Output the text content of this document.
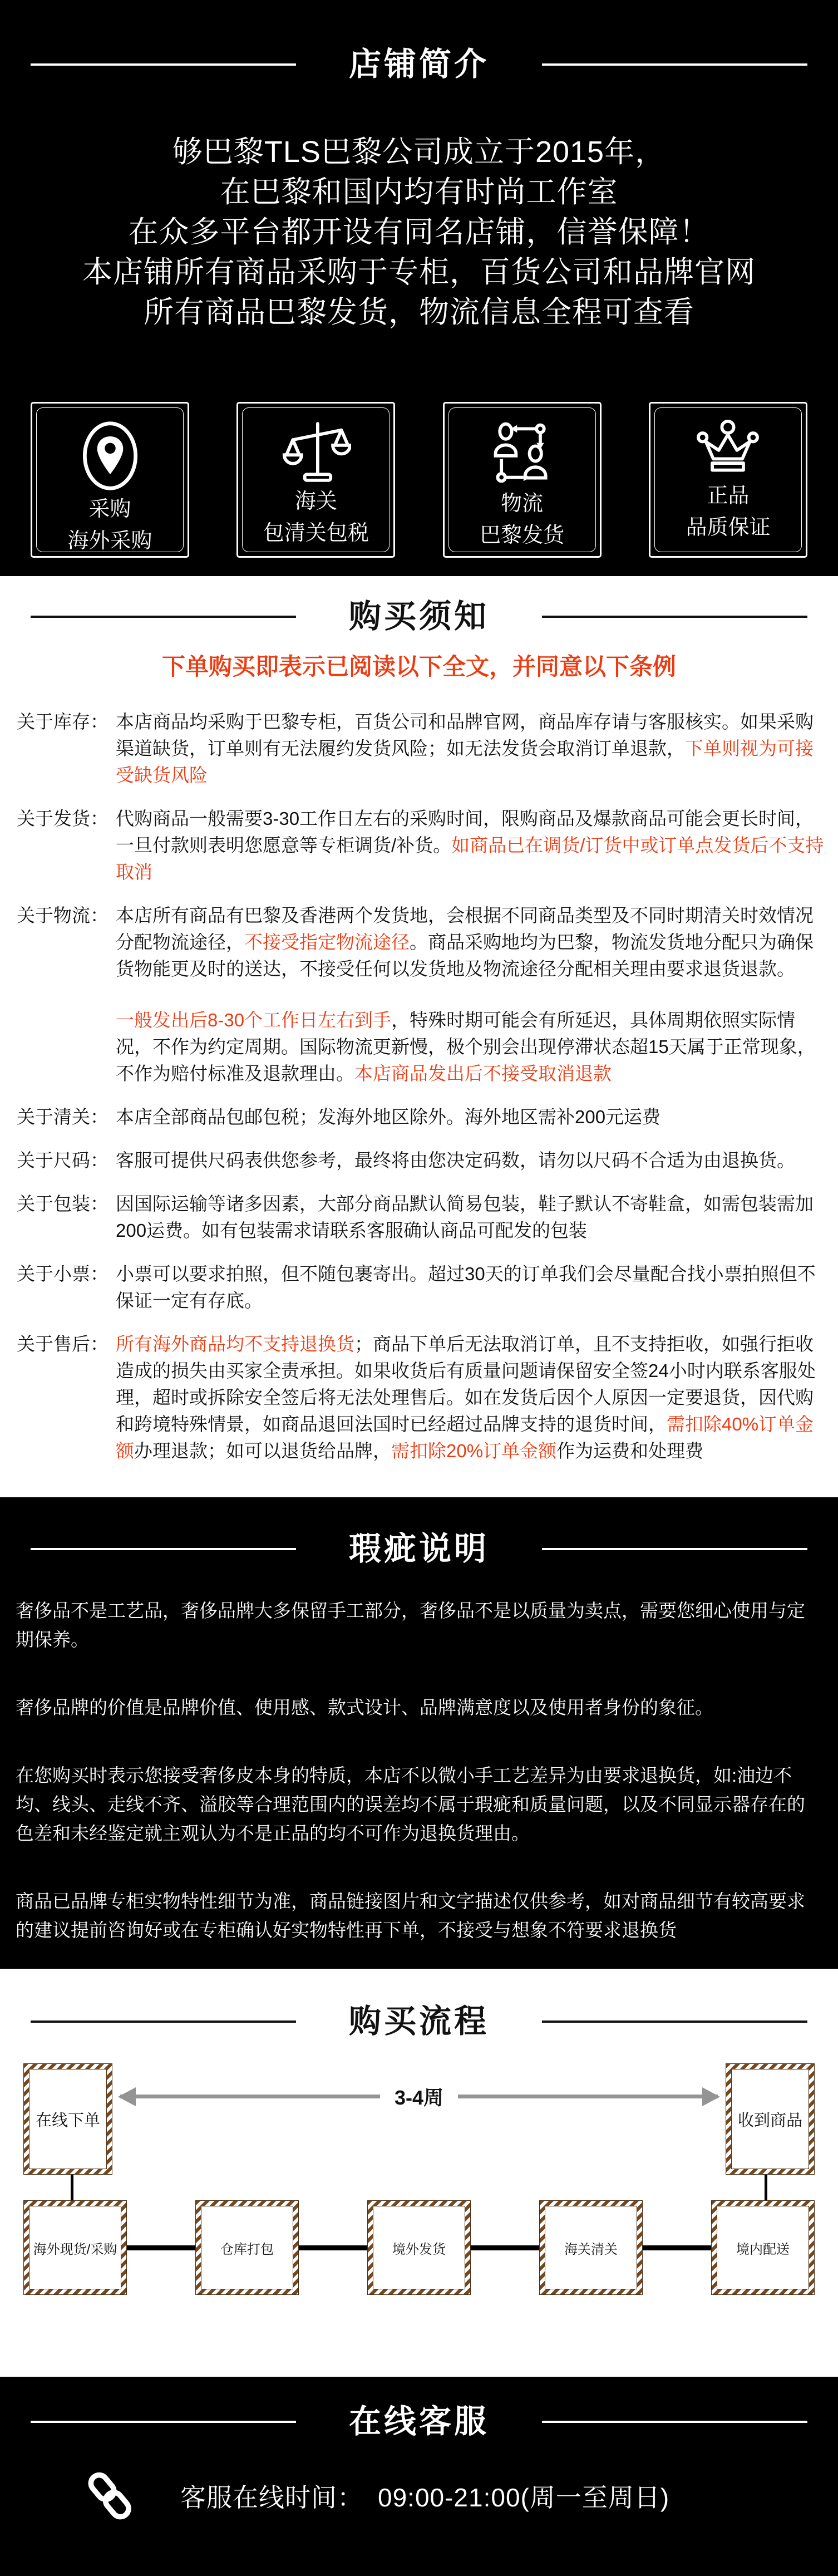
店铺简介
够巴黎TLS巴黎公司成立于2015年，
在巴黎和国内均有时尚工作室
在众多平台都开设有同名店铺，信誉保障！
本店铺所有商品采购于专柜，百货公司和品牌官网
所有商品巴黎发货，物流信息全程可查看
采购
海外采购
海关
包清关包税
物流
巴黎发货
正品
品质保证
购买须知
下单购买即表示已阅读以下全文，并同意以下条例
关于库存： 本店商品均采购于巴黎专柜，百货公司和品牌官网，商品库存请与客服核实。如果采购渠道缺货，订单则有无法履约发货风险；如无法发货会取消订单退款，下单则视为可接受缺货风险

关于发货： 代购商品一般需要3-30工作日左右的采购时间，限购商品及爆款商品可能会更长时间，一旦付款则表明您愿意等专柜调货/补货。如商品已在调货/订货中或订单点发货后不支持取消

关于物流： 本店所有商品有巴黎及香港两个发货地，会根据不同商品类型及不同时期清关时效情况分配物流途径，不接受指定物流途径。商品采购地均为巴黎，物流发货地分配只为确保货物能更及时的送达，不接受任何以发货地及物流途径分配相关理由要求退货退款。

一般发出后8-30个工作日左右到手，特殊时期可能会有所延迟，具体周期依照实际情况，不作为约定周期。国际物流更新慢，极个别会出现停滞状态超15天属于正常现象，不作为赔付标准及退款理由。本店商品发出后不接受取消退款

关于清关： 本店全部商品包邮包税；发海外地区除外。海外地区需补200元运费

关于尺码： 客服可提供尺码表供您参考，最终将由您决定码数，请勿以尺码不合适为由退换货。

关于包装： 因国际运输等诸多因素，大部分商品默认简易包装，鞋子默认不寄鞋盒，如需包装需加200运费。如有包装需求请联系客服确认商品可配发的包装

关于小票： 小票可以要求拍照，但不随包裹寄出。超过30天的订单我们会尽量配合找小票拍照但不保证一定有存底。

关于售后： 所有海外商品均不支持退换货；商品下单后无法取消订单，且不支持拒收，如强行拒收造成的损失由买家全责承担。如果收货后有质量问题请保留安全签24小时内联系客服处理，超时或拆除安全签后将无法处理售后。如在发货后因个人原因一定要退货，因代购和跨境特殊情景，如商品退回法国时已经超过品牌支持的退货时间，需扣除40%订单金额办理退款；如可以退货给品牌，需扣除20%订单金额作为运费和处理费

瑕疵说明

奢侈品不是工艺品，奢侈品牌大多保留手工部分，奢侈品不是以质量为卖点，需要您细心使用与定期保养。

奢侈品牌的价值是品牌价值、使用感、款式设计、品牌满意度以及使用者身份的象征。

在您购买时表示您接受奢侈皮本身的特质，本店不以微小手工艺差异为由要求退换货，如:油边不均、线头、走线不齐、溢胶等合理范围内的误差均不属于瑕疵和质量问题，以及不同显示器存在的色差和未经鉴定就主观认为不是正品的均不可作为退换货理由。

商品已品牌专柜实物特性细节为准，商品链接图片和文字描述仅供参考，如对商品细节有较高要求的建议提前咨询好或在专柜确认好实物特性再下单，不接受与想象不符要求退换货

购买流程
在线下单
3-4周
收到商品
海外现货/采购	仓库打包	境外发货	海关清关	境内配送
在线客服
客服在线时间： 09:00-21:00(周一至周日)
